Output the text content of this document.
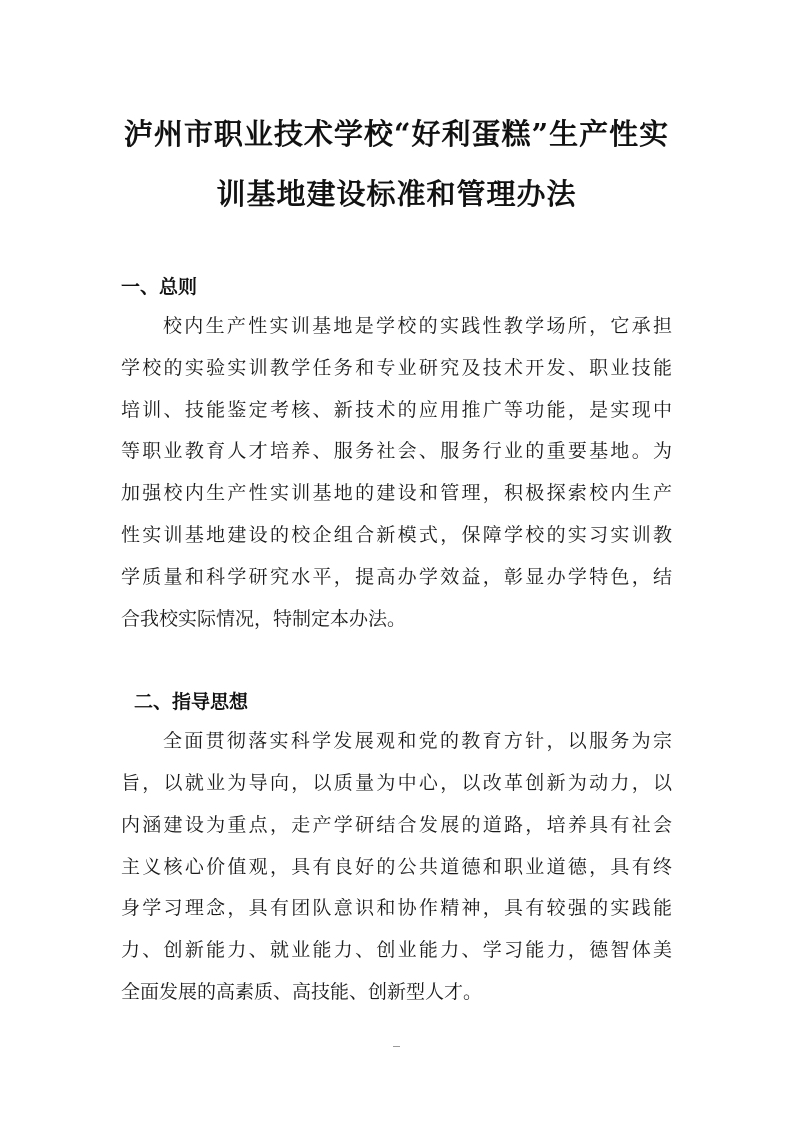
泸州市职业技术学校“好利蛋糕”生产性实
训基地建设标准和管理办法
一、总则
校内生产性实训基地是学校的实践性教学场所，它承担
学校的实验实训教学任务和专业研究及技术开发、职业技能
培训、技能鉴定考核、新技术的应用推广等功能，是实现中
等职业教育人才培养、服务社会、服务行业的重要基地。为
加强校内生产性实训基地的建设和管理，积极探索校内生产
性实训基地建设的校企组合新模式，保障学校的实习实训教
学质量和科学研究水平，提高办学效益，彰显办学特色，结
合我校实际情况，特制定本办法。
二、指导思想
全面贯彻落实科学发展观和党的教育方针，以服务为宗
旨，以就业为导向，以质量为中心，以改革创新为动力，以
内涵建设为重点，走产学研结合发展的道路，培养具有社会
主义核心价值观，具有良好的公共道德和职业道德，具有终
身学习理念，具有团队意识和协作精神，具有较强的实践能
力、创新能力、就业能力、创业能力、学习能力，德智体美
全面发展的高素质、高技能、创新型人才。
